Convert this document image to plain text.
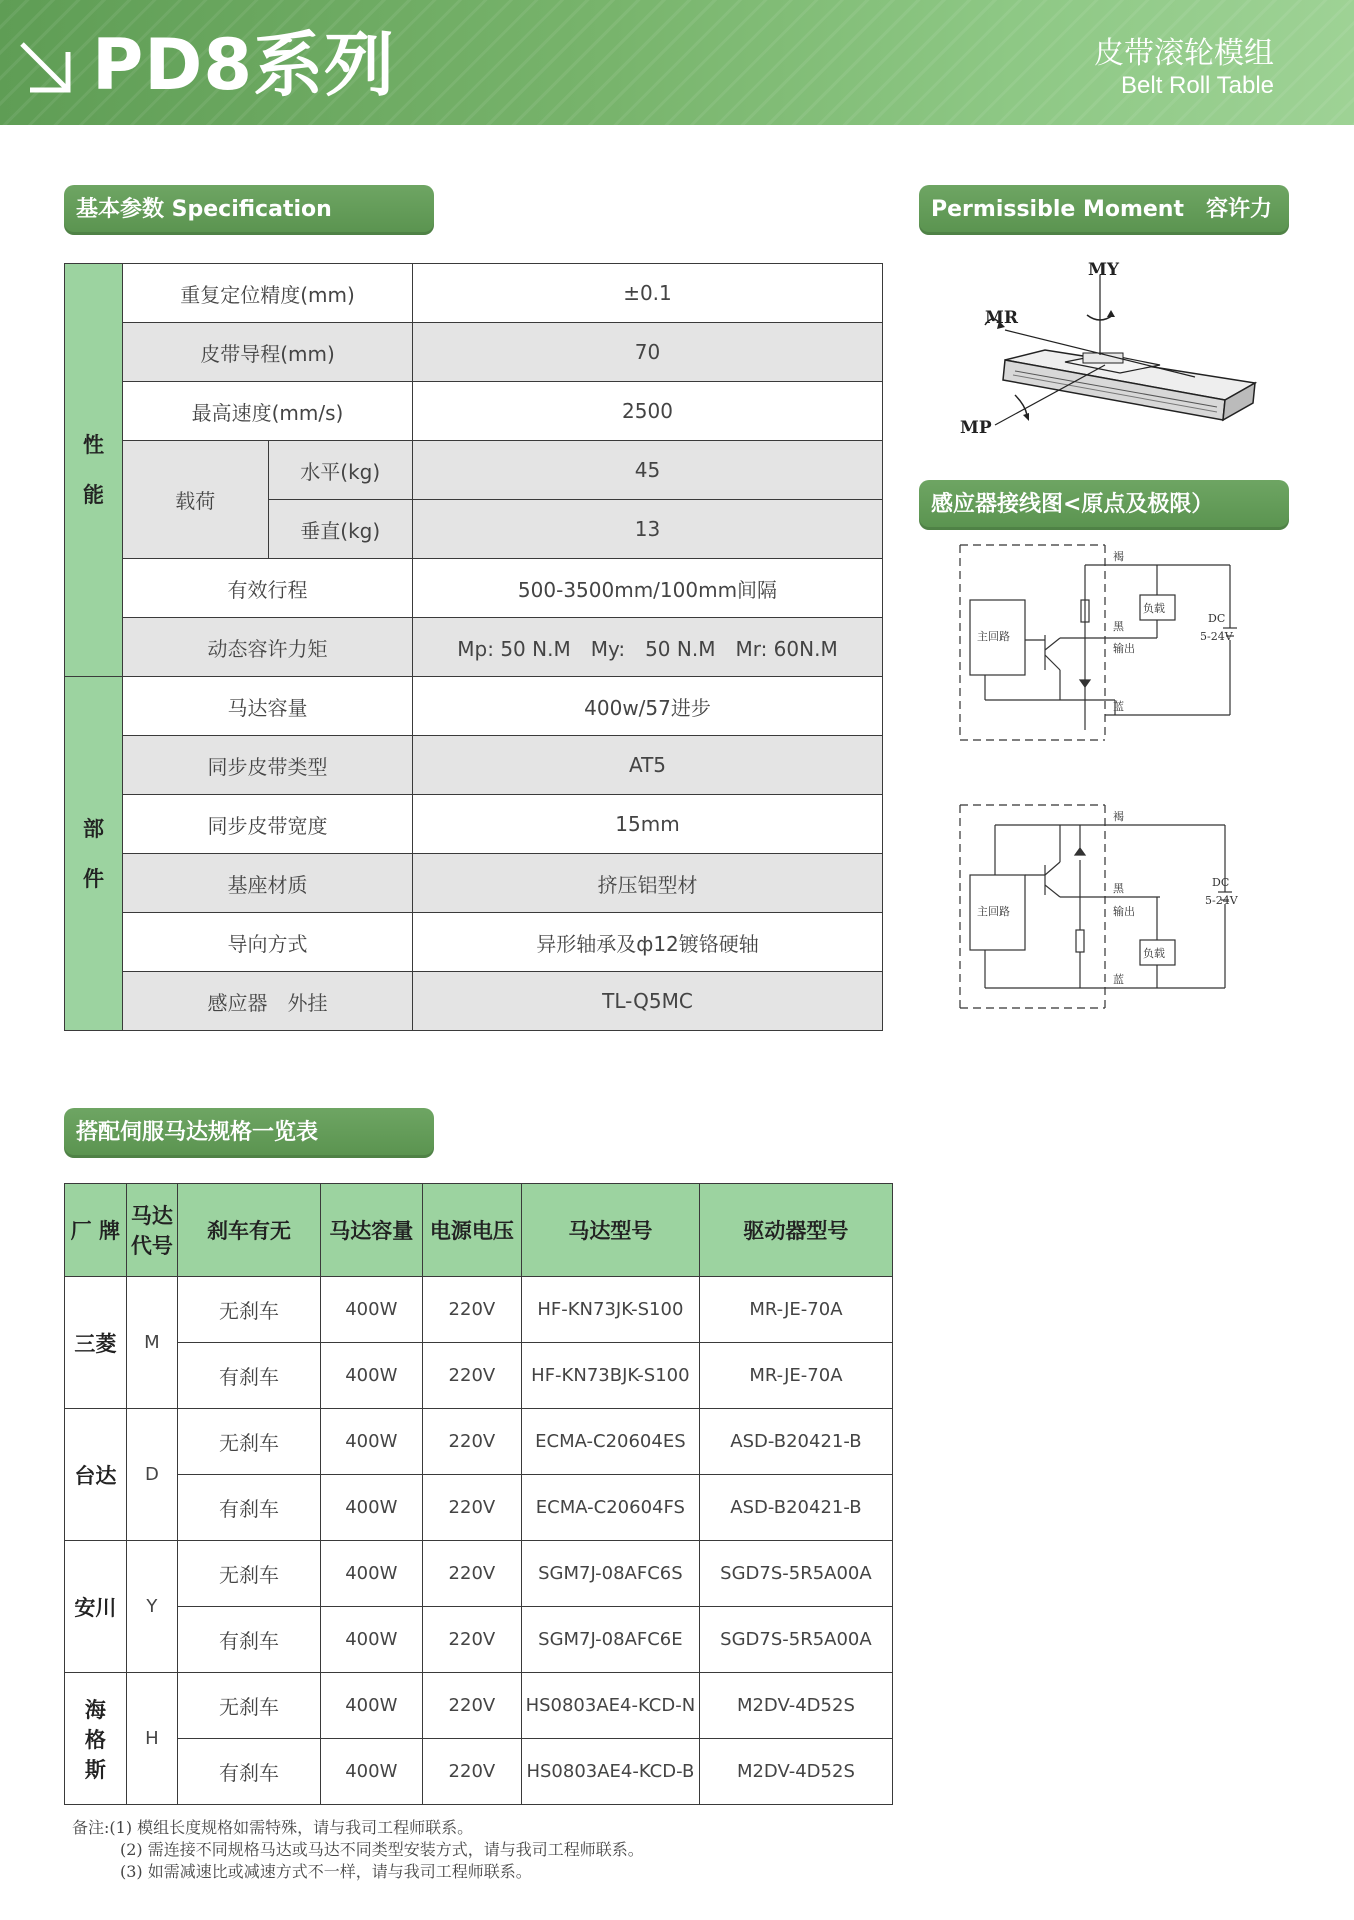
PD8系列	皮带滚轮模组
Belt Roll Table
基本参数 Specification	Permissible Moment　容许力矩
感应器接线图<原点及极限）
搭配伺服马达规格一览表
性
能	重复定位精度(mm)		±0.1
	皮带导程(mm)		70
	最高速度(mm/s)		2500
	载荷	水平(kg)	45
		垂直(kg)	13
	有效行程		500-3500mm/100mm间隔
	动态容许力矩		Mp: 50 N.M　My:　50 N.M　Mr: 60N.M
部
件	马达容量		400w/57进步
	同步皮带类型		AT5
	同步皮带宽度		15mm
	基座材质		挤压铝型材
	导向方式		异形轴承及ф12镀铬硬轴
	感应器　外挂		TL-Q5MC
MY
MR
MP
主回路
负载
褐
黑
输出
蓝
DC
5-24V
主回路
负载
褐
黑
输出
蓝
DC
5-24V
厂 牌	马达
代号	刹车有无	马达容量	电源电压	马达型号	驱动器型号
三菱	M	无刹车	400W	220V	HF-KN73JK-S100	MR-JE-70A
		有刹车	400W	220V	HF-KN73BJK-S100	MR-JE-70A
台达	D	无刹车	400W	220V	ECMA-C20604ES	ASD-B20421-B
		有刹车	400W	220V	ECMA-C20604FS	ASD-B20421-B
安川	Y	无刹车	400W	220V	SGM7J-08AFC6S	SGD7S-5R5A00A
		有刹车	400W	220V	SGM7J-08AFC6E	SGD7S-5R5A00A
海
格
斯	H	无刹车	400W	220V	HS0803AE4-KCD-N	M2DV-4D52S
		有刹车	400W	220V	HS0803AE4-KCD-B	M2DV-4D52S
备注:(1) 模组长度规格如需特殊，请与我司工程师联系。
　　　(2) 需连接不同规格马达或马达不同类型安装方式，请与我司工程师联系。
　　　(3) 如需减速比或减速方式不一样，请与我司工程师联系。
